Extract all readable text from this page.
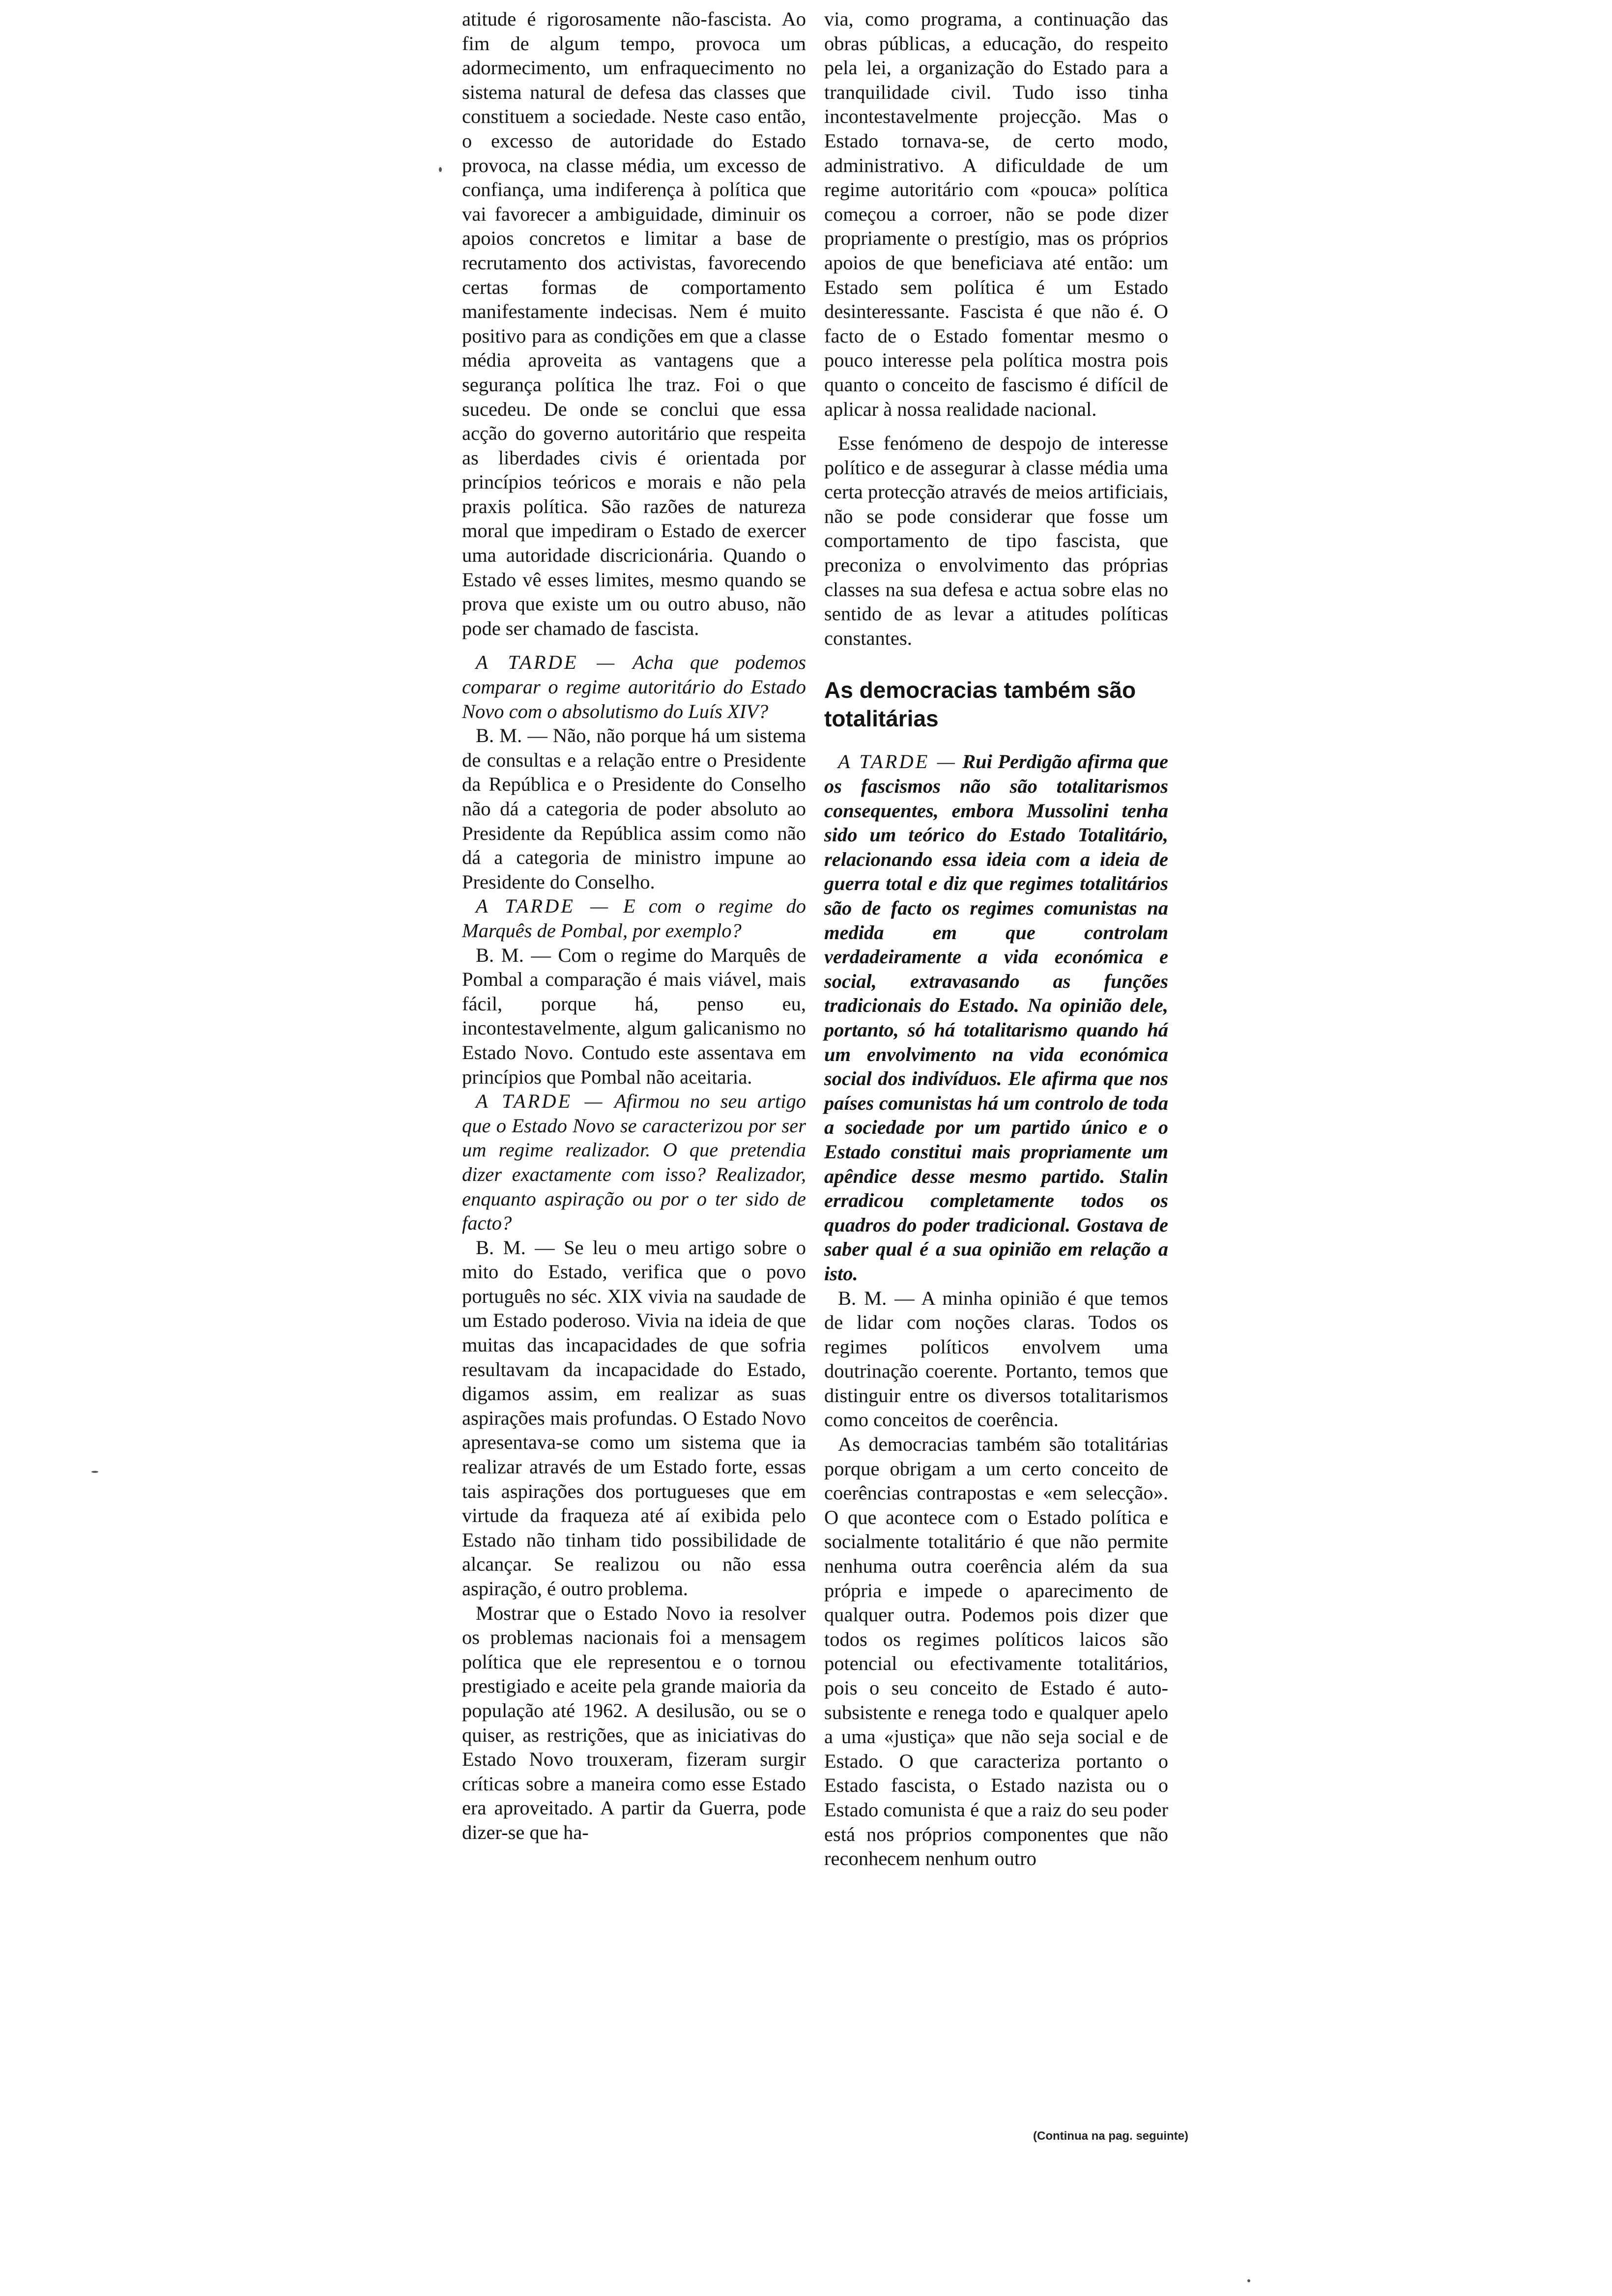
atitude é rigorosamente não-fascista. Ao fim de algum tempo, provoca um adormecimento, um enfraquecimento no sistema natural de defesa das classes que constituem a sociedade. Neste caso então, o excesso de autoridade do Estado provoca, na classe média, um excesso de confiança, uma indiferença à política que vai favorecer a ambiguidade, diminuir os apoios concretos e limitar a base de recrutamento dos activistas, favorecendo certas formas de comportamento manifestamente indecisas. Nem é muito positivo para as condições em que a classe média aproveita as vantagens que a segurança política lhe traz. Foi o que sucedeu. De onde se conclui que essa acção do governo autoritário que respeita as liberdades civis é orientada por princípios teóricos e morais e não pela praxis política. São razões de natureza moral que impediram o Estado de exercer uma autoridade discricionária. Quando o Estado vê esses limites, mesmo quando se prova que existe um ou outro abuso, não pode ser chamado de fascista.

A TARDE — Acha que podemos comparar o regime autoritário do Estado Novo com o absolutismo do Luís XIV?

B. M. — Não, não porque há um sistema de consultas e a relação entre o Presidente da República e o Presidente do Conselho não dá a categoria de poder absoluto ao Presidente da República assim como não dá a categoria de ministro impune ao Presidente do Conselho.

A TARDE — E com o regime do Marquês de Pombal, por exemplo?

B. M. — Com o regime do Marquês de Pombal a comparação é mais viável, mais fácil, porque há, penso eu, incontestavelmente, algum galicanismo no Estado Novo. Contudo este assentava em princípios que Pombal não aceitaria.

A TARDE — Afirmou no seu artigo que o Estado Novo se caracterizou por ser um regime realizador. O que pretendia dizer exactamente com isso? Realizador, enquanto aspiração ou por o ter sido de facto?

B. M. — Se leu o meu artigo sobre o mito do Estado, verifica que o povo português no séc. XIX vivia na saudade de um Estado poderoso. Vivia na ideia de que muitas das incapacidades de que sofria resultavam da incapacidade do Estado, digamos assim, em realizar as suas aspirações mais profundas. O Estado Novo apresentava-se como um sistema que ia realizar através de um Estado forte, essas tais aspirações dos portugueses que em virtude da fraqueza até aí exibida pelo Estado não tinham tido possibilidade de alcançar. Se realizou ou não essa aspiração, é outro problema.

Mostrar que o Estado Novo ia resolver os problemas nacionais foi a mensagem política que ele representou e o tornou prestigiado e aceite pela grande maioria da população até 1962. A desilusão, ou se o quiser, as restrições, que as iniciativas do Estado Novo trouxeram, fizeram surgir críticas sobre a maneira como esse Estado era aproveitado. A partir da Guerra, pode dizer-se que ha-

via, como programa, a continuação das obras públicas, a educação, do respeito pela lei, a organização do Estado para a tranquilidade civil. Tudo isso tinha incontestavelmente projecção. Mas o Estado tornava-se, de certo modo, administrativo. A dificuldade de um regime autoritário com «pouca» política começou a corroer, não se pode dizer propriamente o prestígio, mas os próprios apoios de que beneficiava até então: um Estado sem política é um Estado desinteressante. Fascista é que não é. O facto de o Estado fomentar mesmo o pouco interesse pela política mostra pois quanto o conceito de fascismo é difícil de aplicar à nossa realidade nacional.

Esse fenómeno de despojo de interesse político e de assegurar à classe média uma certa protecção através de meios artificiais, não se pode considerar que fosse um comportamento de tipo fascista, que preconiza o envolvimento das próprias classes na sua defesa e actua sobre elas no sentido de as levar a atitudes políticas constantes.

As democracias também são totalitárias

A TARDE — Rui Perdigão afirma que os fascismos não são totalitarismos consequentes, embora Mussolini tenha sido um teórico do Estado Totalitário, relacionando essa ideia com a ideia de guerra total e diz que regimes totalitários são de facto os regimes comunistas na medida em que controlam verdadeiramente a vida económica e social, extravasando as funções tradicionais do Estado. Na opinião dele, portanto, só há totalitarismo quando há um envolvimento na vida económica social dos indivíduos. Ele afirma que nos países comunistas há um controlo de toda a sociedade por um partido único e o Estado constitui mais propriamente um apêndice desse mesmo partido. Stalin erradicou completamente todos os quadros do poder tradicional. Gostava de saber qual é a sua opinião em relação a isto.

B. M. — A minha opinião é que temos de lidar com noções claras. Todos os regimes políticos envolvem uma doutrinação coerente. Portanto, temos que distinguir entre os diversos totalitarismos como conceitos de coerência.

As democracias também são totalitárias porque obrigam a um certo conceito de coerências contrapostas e «em selecção». O que acontece com o Estado política e socialmente totalitário é que não permite nenhuma outra coerência além da sua própria e impede o aparecimento de qualquer outra. Podemos pois dizer que todos os regimes políticos laicos são potencial ou efectivamente totalitários, pois o seu conceito de Estado é auto-subsistente e renega todo e qualquer apelo a uma «justiça» que não seja social e de Estado. O que caracteriza portanto o Estado fascista, o Estado nazista ou o Estado comunista é que a raiz do seu poder está nos próprios componentes que não reconhecem nenhum outro

(Continua na pag. seguinte)
